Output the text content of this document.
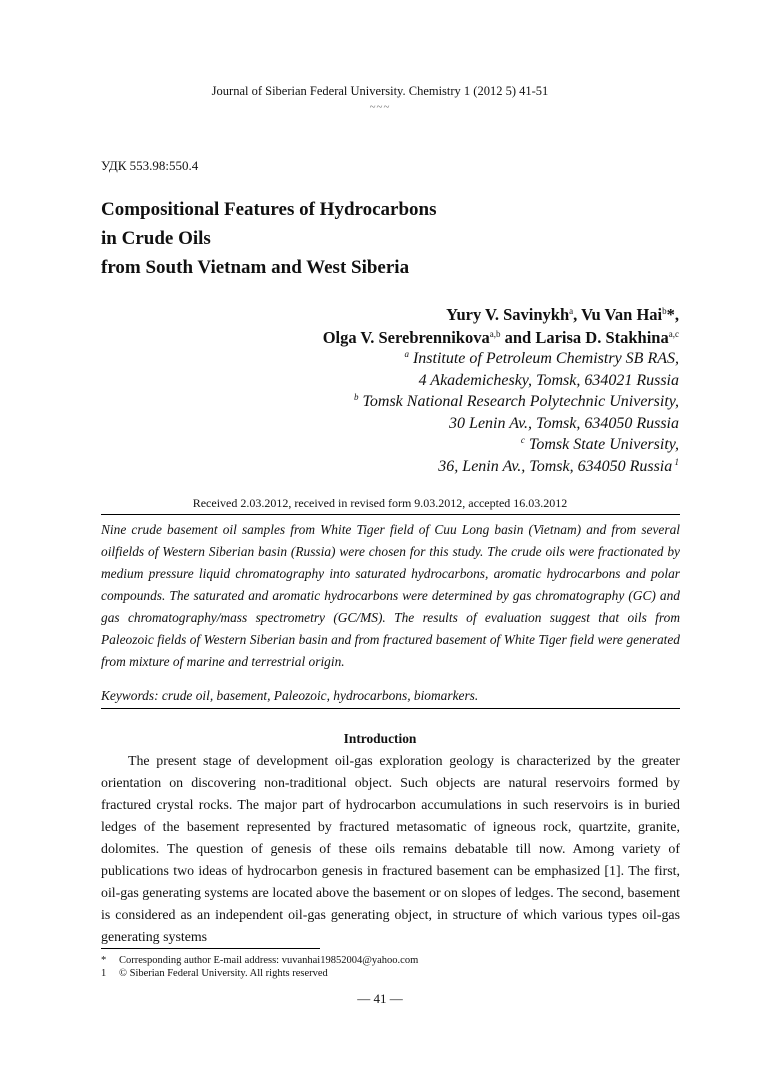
Journal of Siberian Federal University. Chemistry 1 (2012 5) 41-51
~~~
УДК 553.98:550.4
Compositional Features of Hydrocarbons
in Crude Oils
from South Vietnam and West Siberia
Yury V. Savinykh$^a$, Vu Van Hai$^b$*,
Olga V. Serebrennikova$^{a,b}$ and Larisa D. Stakhina$^{a,c}$
$^a$ Institute of Petroleum Chemistry SB RAS,
4 Akademichesky, Tomsk, 634021 Russia
$^b$ Tomsk National Research Polytechnic University,
30 Lenin Av., Tomsk, 634050 Russia
$^c$ Tomsk State University,
36, Lenin Av., Tomsk, 634050 Russia $^1$
Received 2.03.2012, received in revised form 9.03.2012, accepted 16.03.2012
Nine crude basement oil samples from White Tiger field of Cuu Long basin (Vietnam) and from several oilfields of Western Siberian basin (Russia) were chosen for this study. The crude oils were fractionated by medium pressure liquid chromatography into saturated hydrocarbons, aromatic hydrocarbons and polar compounds. The saturated and aromatic hydrocarbons were determined by gas chromatography (GC) and gas chromatography/mass spectrometry (GC/MS). The results of evaluation suggest that oils from Paleozoic fields of Western Siberian basin and from fractured basement of White Tiger field were generated from mixture of marine and terrestrial origin.
Keywords: crude oil, basement, Paleozoic, hydrocarbons, biomarkers.
Introduction
The present stage of development oil-gas exploration geology is characterized by the greater orientation on discovering non-traditional object. Such objects are natural reservoirs formed by fractured crystal rocks. The major part of hydrocarbon accumulations in such reservoirs is in buried ledges of the basement represented by fractured metasomatic of igneous rock, quartzite, granite, dolomites. The question of genesis of these oils remains debatable till now. Among variety of publications two ideas of hydrocarbon genesis in fractured basement can be emphasized [1]. The first, oil-gas generating systems are located above the basement or on slopes of ledges. The second, basement is considered as an independent oil-gas generating object, in structure of which various types oil-gas generating systems
* Corresponding author E-mail address: vuvanhai19852004@yahoo.com
1 © Siberian Federal University. All rights reserved
— 41 —
